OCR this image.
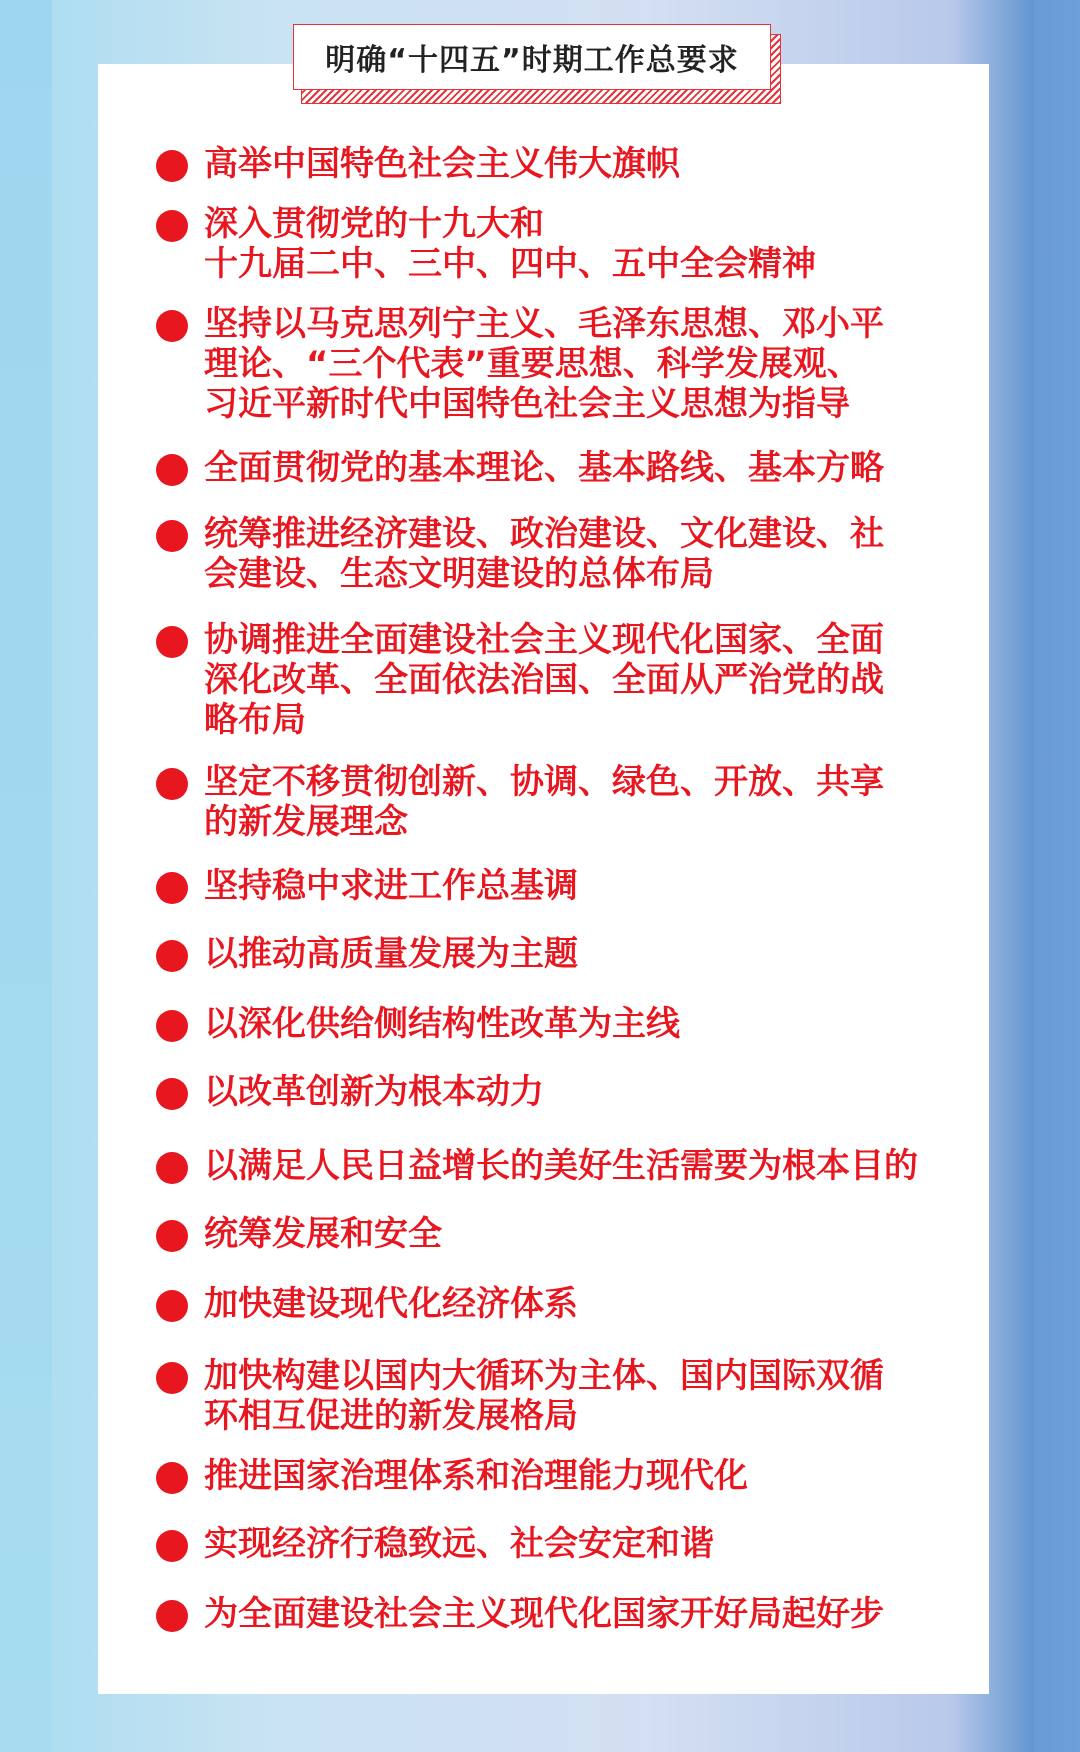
明确“十四五”时期工作总要求
高举中国特色社会主义伟大旗帜
深入贯彻党的十九大和
十九届二中、三中、四中、五中全会精神
坚持以马克思列宁主义、毛泽东思想、邓小平
理论、“三个代表”重要思想、科学发展观、
习近平新时代中国特色社会主义思想为指导
全面贯彻党的基本理论、基本路线、基本方略
统筹推进经济建设、政治建设、文化建设、社
会建设、生态文明建设的总体布局
协调推进全面建设社会主义现代化国家、全面
深化改革、全面依法治国、全面从严治党的战
略布局
坚定不移贯彻创新、协调、绿色、开放、共享
的新发展理念
坚持稳中求进工作总基调
以推动高质量发展为主题
以深化供给侧结构性改革为主线
以改革创新为根本动力
以满足人民日益增长的美好生活需要为根本目的
统筹发展和安全
加快建设现代化经济体系
加快构建以国内大循环为主体、国内国际双循
环相互促进的新发展格局
推进国家治理体系和治理能力现代化
实现经济行稳致远、社会安定和谐
为全面建设社会主义现代化国家开好局起好步
